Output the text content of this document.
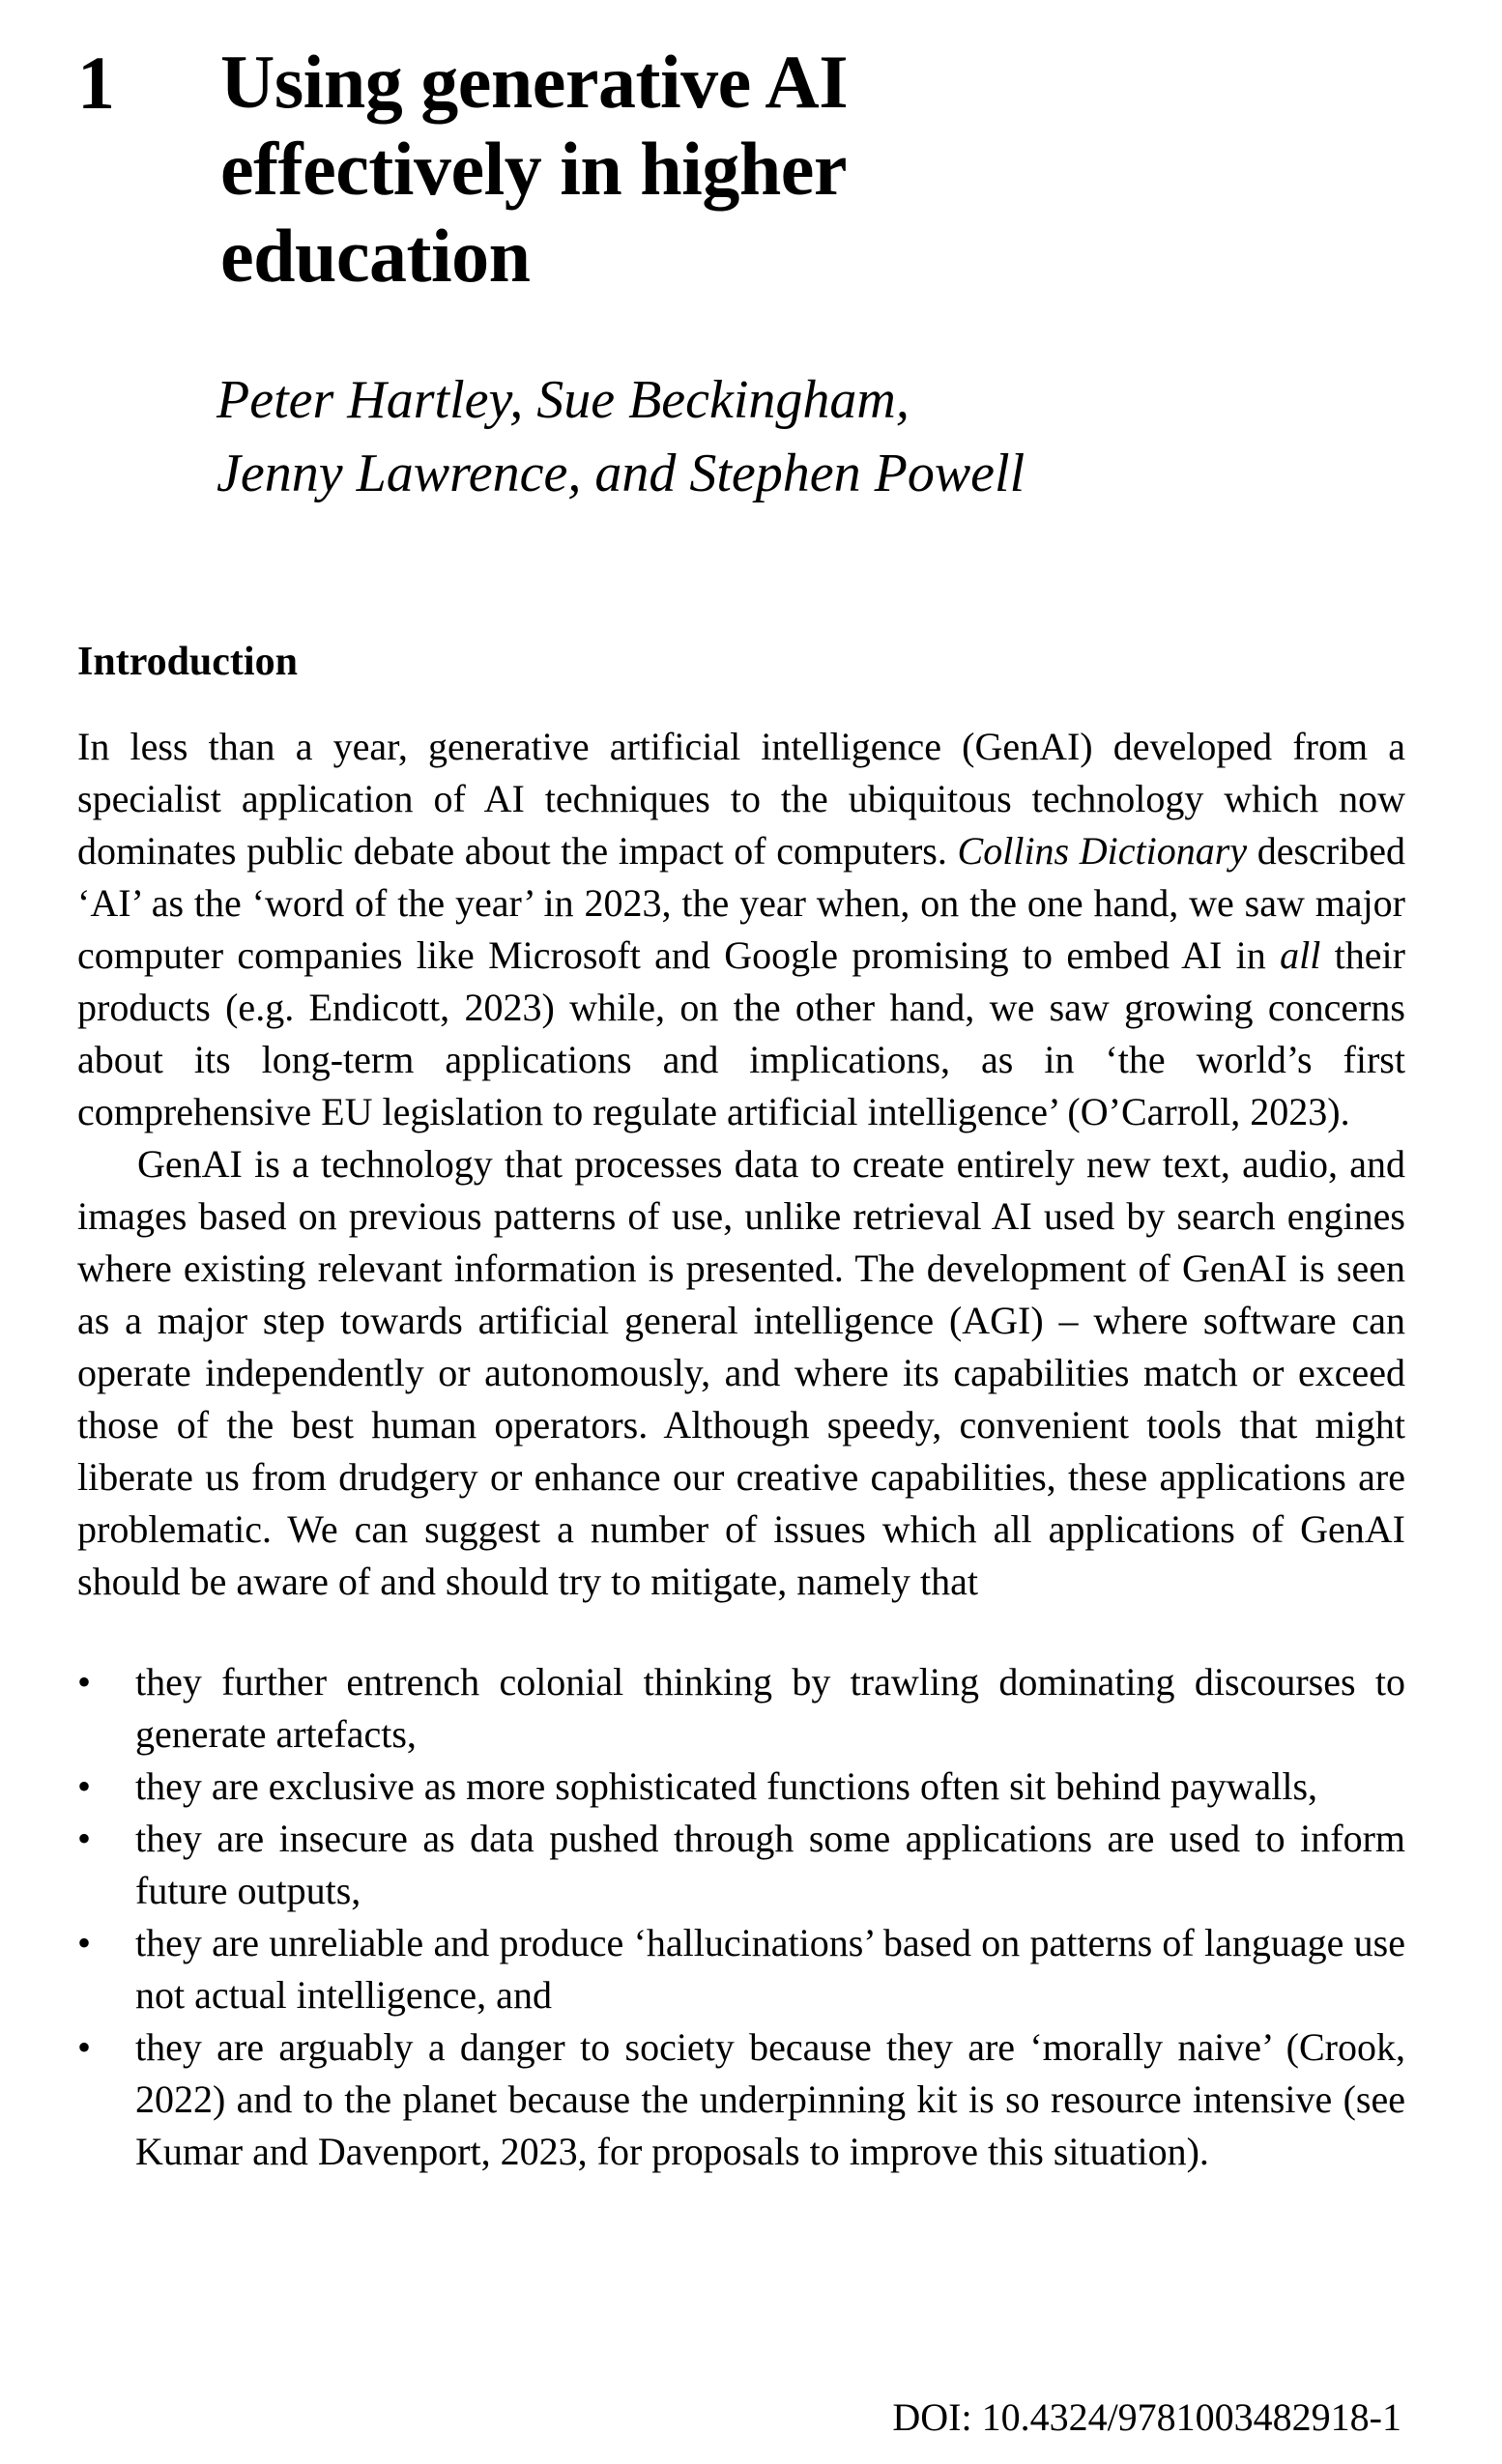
1 Using generative AI
effectively in higher
education
Peter Hartley, Sue Beckingham,
Jenny Lawrence, and Stephen Powell
Introduction

In less than a year, generative artificial intelligence (GenAI) developed from a specialist application of AI techniques to the ubiquitous technology which now dominates public debate about the impact of computers. Collins Dictionary described ‘AI’ as the ‘word of the year’ in 2023, the year when, on the one hand, we saw major computer companies like Microsoft and Google promising to embed AI in all their products (e.g. Endicott, 2023) while, on the other hand, we saw growing concerns about its long-term applications and implications, as in ‘the world’s first comprehensive EU legislation to regulate artificial intelligence’ (O’Carroll, 2023).

GenAI is a technology that processes data to create entirely new text, audio, and images based on previous patterns of use, unlike retrieval AI used by search engines where existing relevant information is presented. The development of GenAI is seen as a major step towards artificial general intelligence (AGI) – where software can operate independently or autonomously, and where its capabilities match or exceed those of the best human operators. Although speedy, convenient tools that might liberate us from drudgery or enhance our creative capabilities, these applications are problematic. We can suggest a number of issues which all applications of GenAI should be aware of and should try to mitigate, namely that

• they further entrench colonial thinking by trawling dominating discourses to generate artefacts,
• they are exclusive as more sophisticated functions often sit behind paywalls,
• they are insecure as data pushed through some applications are used to inform future outputs,
• they are unreliable and produce ‘hallucinations’ based on patterns of language use not actual intelligence, and
• they are arguably a danger to society because they are ‘morally naive’ (Crook, 2022) and to the planet because the underpinning kit is so resource intensive (see Kumar and Davenport, 2023, for proposals to improve this situation).
DOI: 10.4324/9781003482918-1
